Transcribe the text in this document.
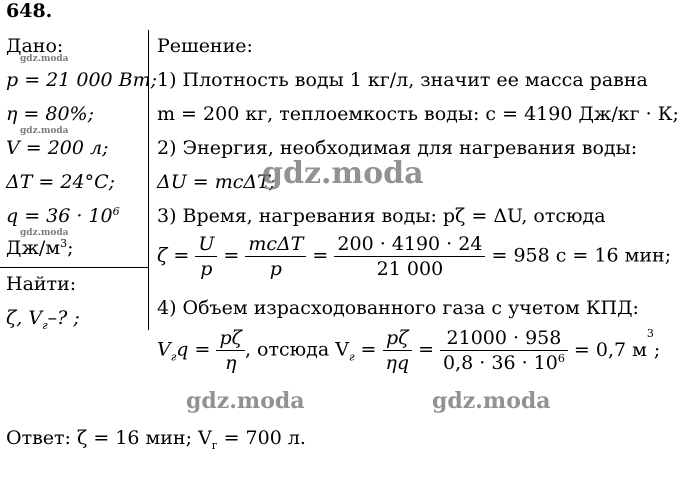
648.
Дано:
p = 21 000 Вт;
η = 80%;
V = 200 л;
ΔT = 24°C;
$q = 36 \cdot 10^6$
$Дж/м^3$;
Найти:
ζ, $V_г-$? ;
Решение:
1) Плотность воды 1 кг/л, значит ее масса равна
m = 200 кг, теплоемкость воды: c = 4190 Дж/кг · К;
2) Энергия, необходимая для нагревания воды:
ΔU = mcΔT;
3) Время, нагревания воды: pζ = ΔU, отсюда
$\zeta = \frac{U}{p} = \frac{\text{mcΔT}}{p} = \frac{200 \cdot 4190 \cdot 24}{21 000} = 958$ с = 16 мин;
4) Объем израсходованного газа с учетом КПД:
$V_гq = \frac{p\zeta}{\eta}$ , отсюда $V_г = \frac{p\zeta}{\eta q} = \frac{21000 \cdot 958}{0,8 \cdot 36 \cdot 10^6} = 0,7$ $м^3$;
Ответ: ζ = 16 мин; $V_г = 700$ л.
gdz.moda
gdz.moda
gdz.moda
gdz.moda
gdz.moda	gdz.moda
